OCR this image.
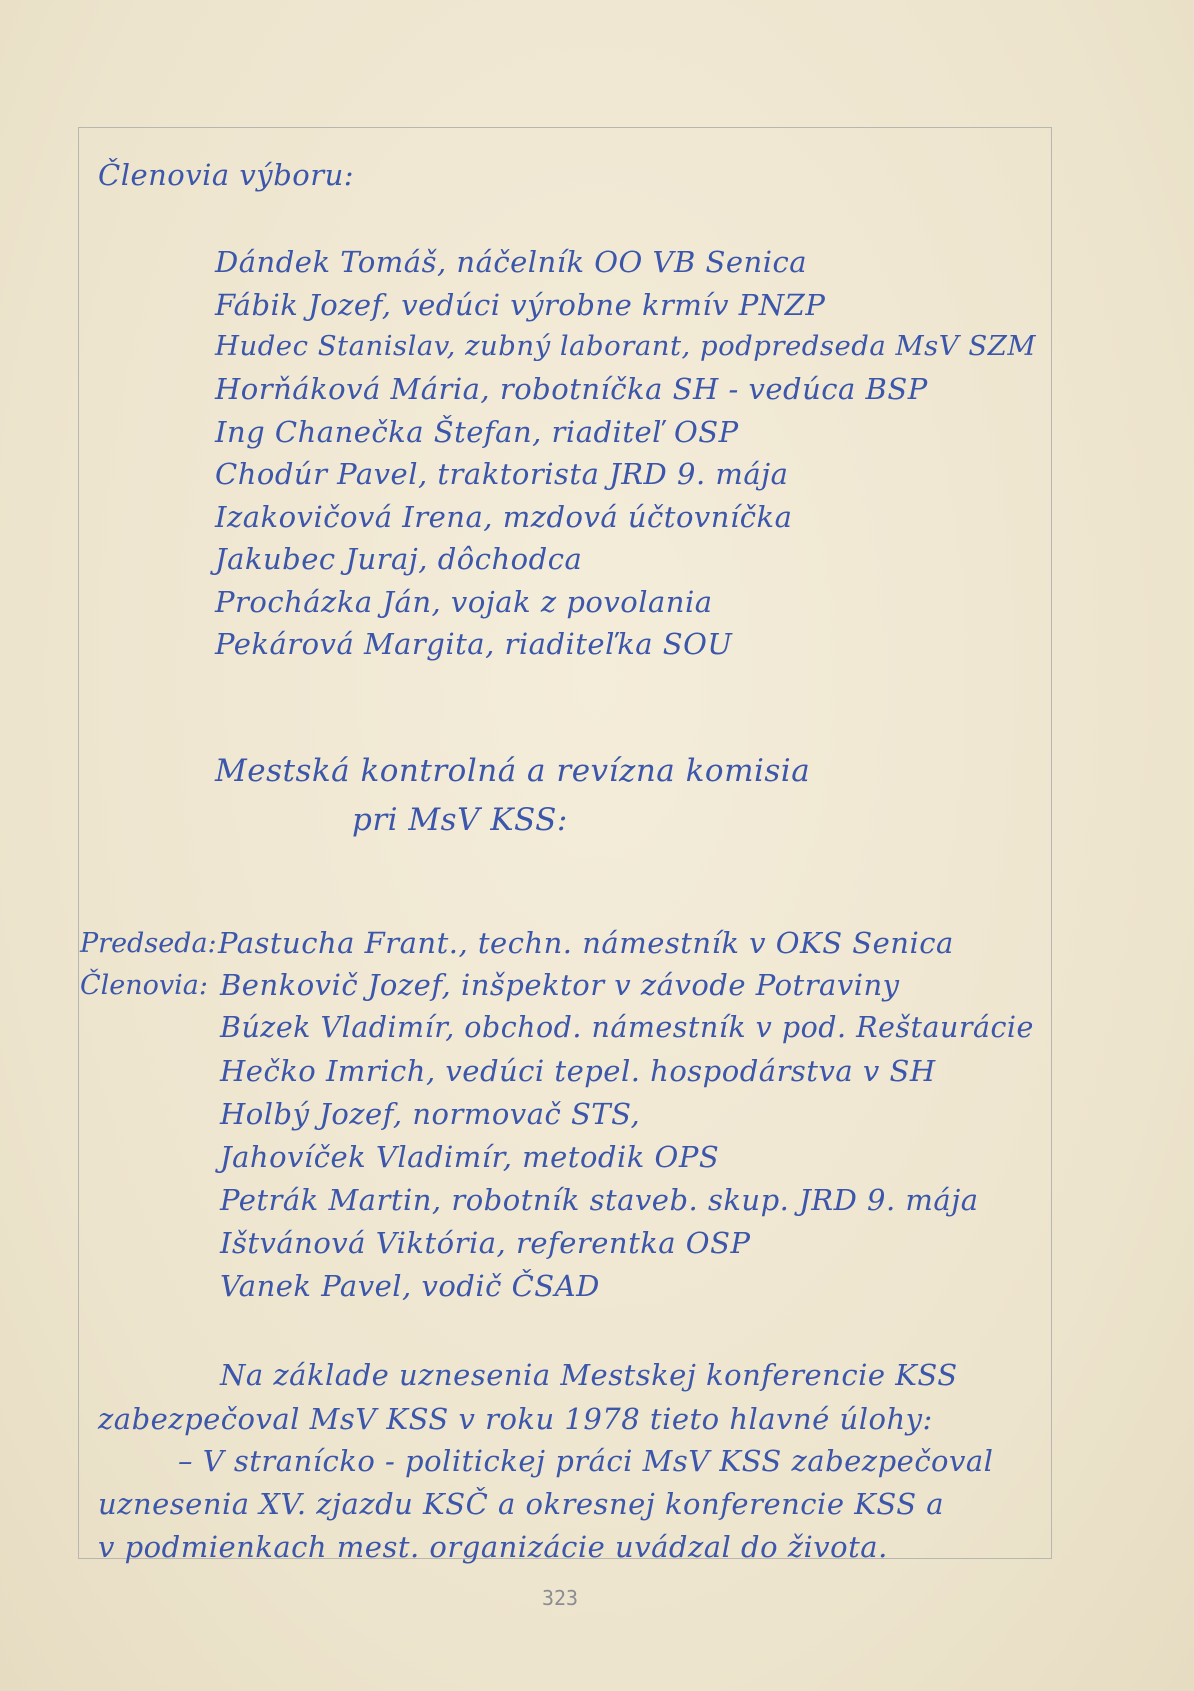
Členovia výboru:
Dándek Tomáš, náčelník OO VB Senica
Fábik Jozef, vedúci výrobne krmív PNZP
Hudec Stanislav, zubný laborant, podpredseda MsV SZM
Horňáková Mária, robotníčka SH - vedúca BSP
Ing Chanečka Štefan, riaditeľ OSP
Chodúr Pavel, traktorista JRD 9. mája
Izakovičová Irena, mzdová účtovníčka
Jakubec Juraj, dôchodca
Procházka Ján, vojak z povolania
Pekárová Margita, riaditeľka SOU
Mestská kontrolná a revízna komisia
pri MsV KSS:
Predseda: Pastucha Frant., techn. námestník v OKS Senica
Členovia: Benkovič Jozef, inšpektor v závode Potraviny
Búzek Vladimír, obchod. námestník v pod. Reštaurácie
Hečko Imrich, vedúci tepel. hospodárstva v SH
Holbý Jozef, normovač STS,
Jahovíček Vladimír, metodik OPS
Petrák Martin, robotník staveb. skup. JRD 9. mája
Ištvánová Viktória, referentka OSP
Vanek Pavel, vodič ČSAD
Na základe uznesenia Mestskej konferencie KSS
zabezpečoval MsV KSS v roku 1978 tieto hlavné úlohy:
– V stranícko - politickej práci MsV KSS zabezpečoval
uznesenia XV. zjazdu KSČ a okresnej konferencie KSS a
v podmienkach mest. organizácie uvádzal do života.
323
